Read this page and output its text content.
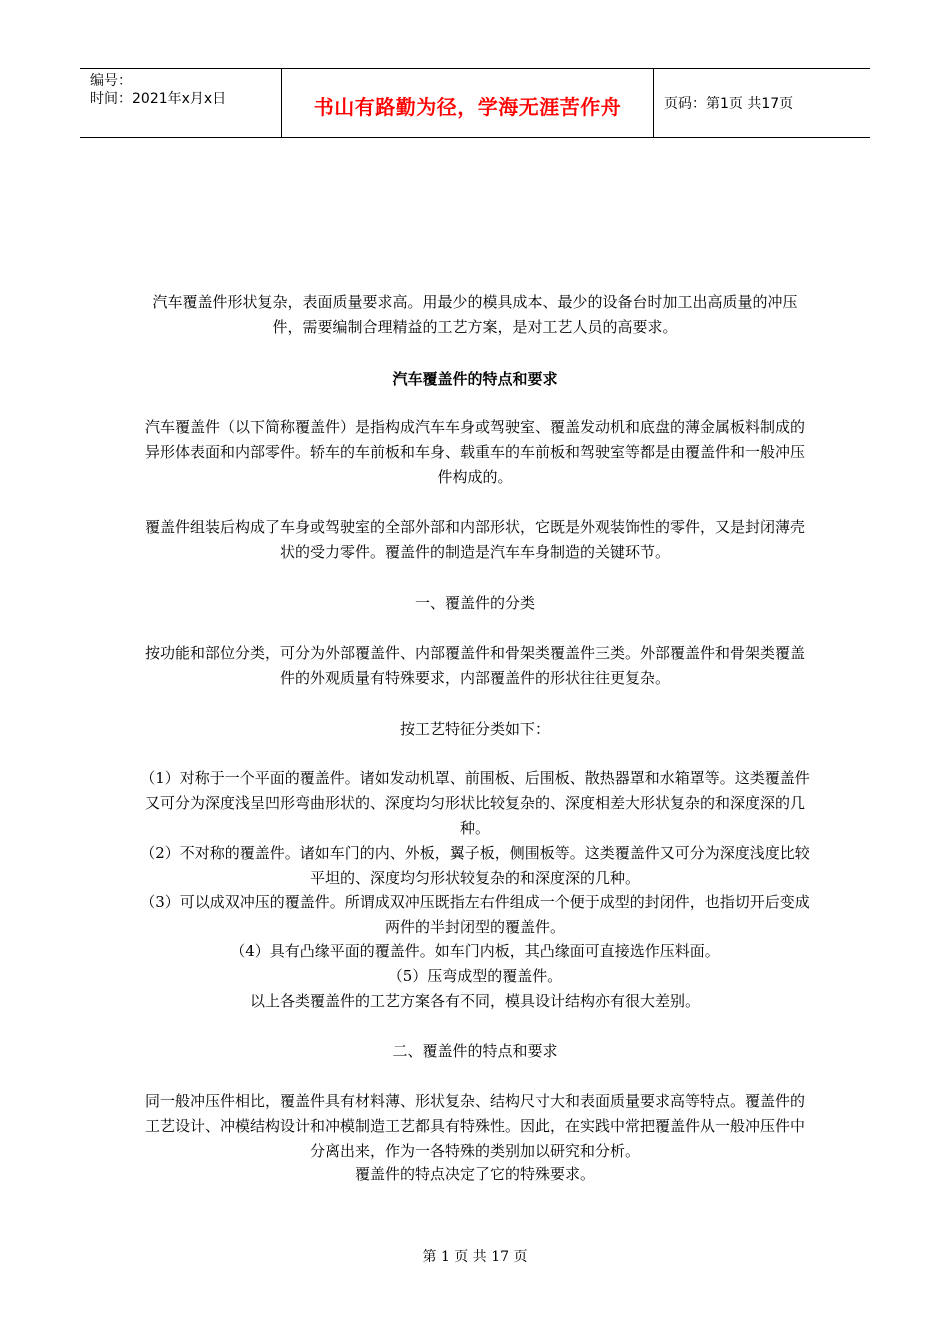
编号：
时间：2021年x月x日	书山有路勤为径，学海无涯苦作舟	页码：第1页 共17页
汽车覆盖件形状复杂，表面质量要求高。用最少的模具成本、最少的设备台时加工出高质量的冲压件，需要编制合理精益的工艺方案，是对工艺人员的高要求。
汽车覆盖件的特点和要求
汽车覆盖件（以下简称覆盖件）是指构成汽车车身或驾驶室、覆盖发动机和底盘的薄金属板料制成的异形体表面和内部零件。轿车的车前板和车身、载重车的车前板和驾驶室等都是由覆盖件和一般冲压件构成的。
覆盖件组装后构成了车身或驾驶室的全部外部和内部形状，它既是外观装饰性的零件，又是封闭薄壳状的受力零件。覆盖件的制造是汽车车身制造的关键环节。
一、覆盖件的分类
按功能和部位分类，可分为外部覆盖件、内部覆盖件和骨架类覆盖件三类。外部覆盖件和骨架类覆盖件的外观质量有特殊要求，内部覆盖件的形状往往更复杂。
按工艺特征分类如下：
（1）对称于一个平面的覆盖件。诸如发动机罩、前围板、后围板、散热器罩和水箱罩等。这类覆盖件又可分为深度浅呈凹形弯曲形状的、深度均匀形状比较复杂的、深度相差大形状复杂的和深度深的几种。
（2）不对称的覆盖件。诸如车门的内、外板，翼子板，侧围板等。这类覆盖件又可分为深度浅度比较平坦的、深度均匀形状较复杂的和深度深的几种。
（3）可以成双冲压的覆盖件。所谓成双冲压既指左右件组成一个便于成型的封闭件，也指切开后变成两件的半封闭型的覆盖件。
（4）具有凸缘平面的覆盖件。如车门内板，其凸缘面可直接选作压料面。
（5）压弯成型的覆盖件。
以上各类覆盖件的工艺方案各有不同，模具设计结构亦有很大差别。
二、覆盖件的特点和要求
同一般冲压件相比，覆盖件具有材料薄、形状复杂、结构尺寸大和表面质量要求高等特点。覆盖件的工艺设计、冲模结构设计和冲模制造工艺都具有特殊性。因此，在实践中常把覆盖件从一般冲压件中分离出来，作为一各特殊的类别加以研究和分析。
覆盖件的特点决定了它的特殊要求。
第 1 页 共 17 页
